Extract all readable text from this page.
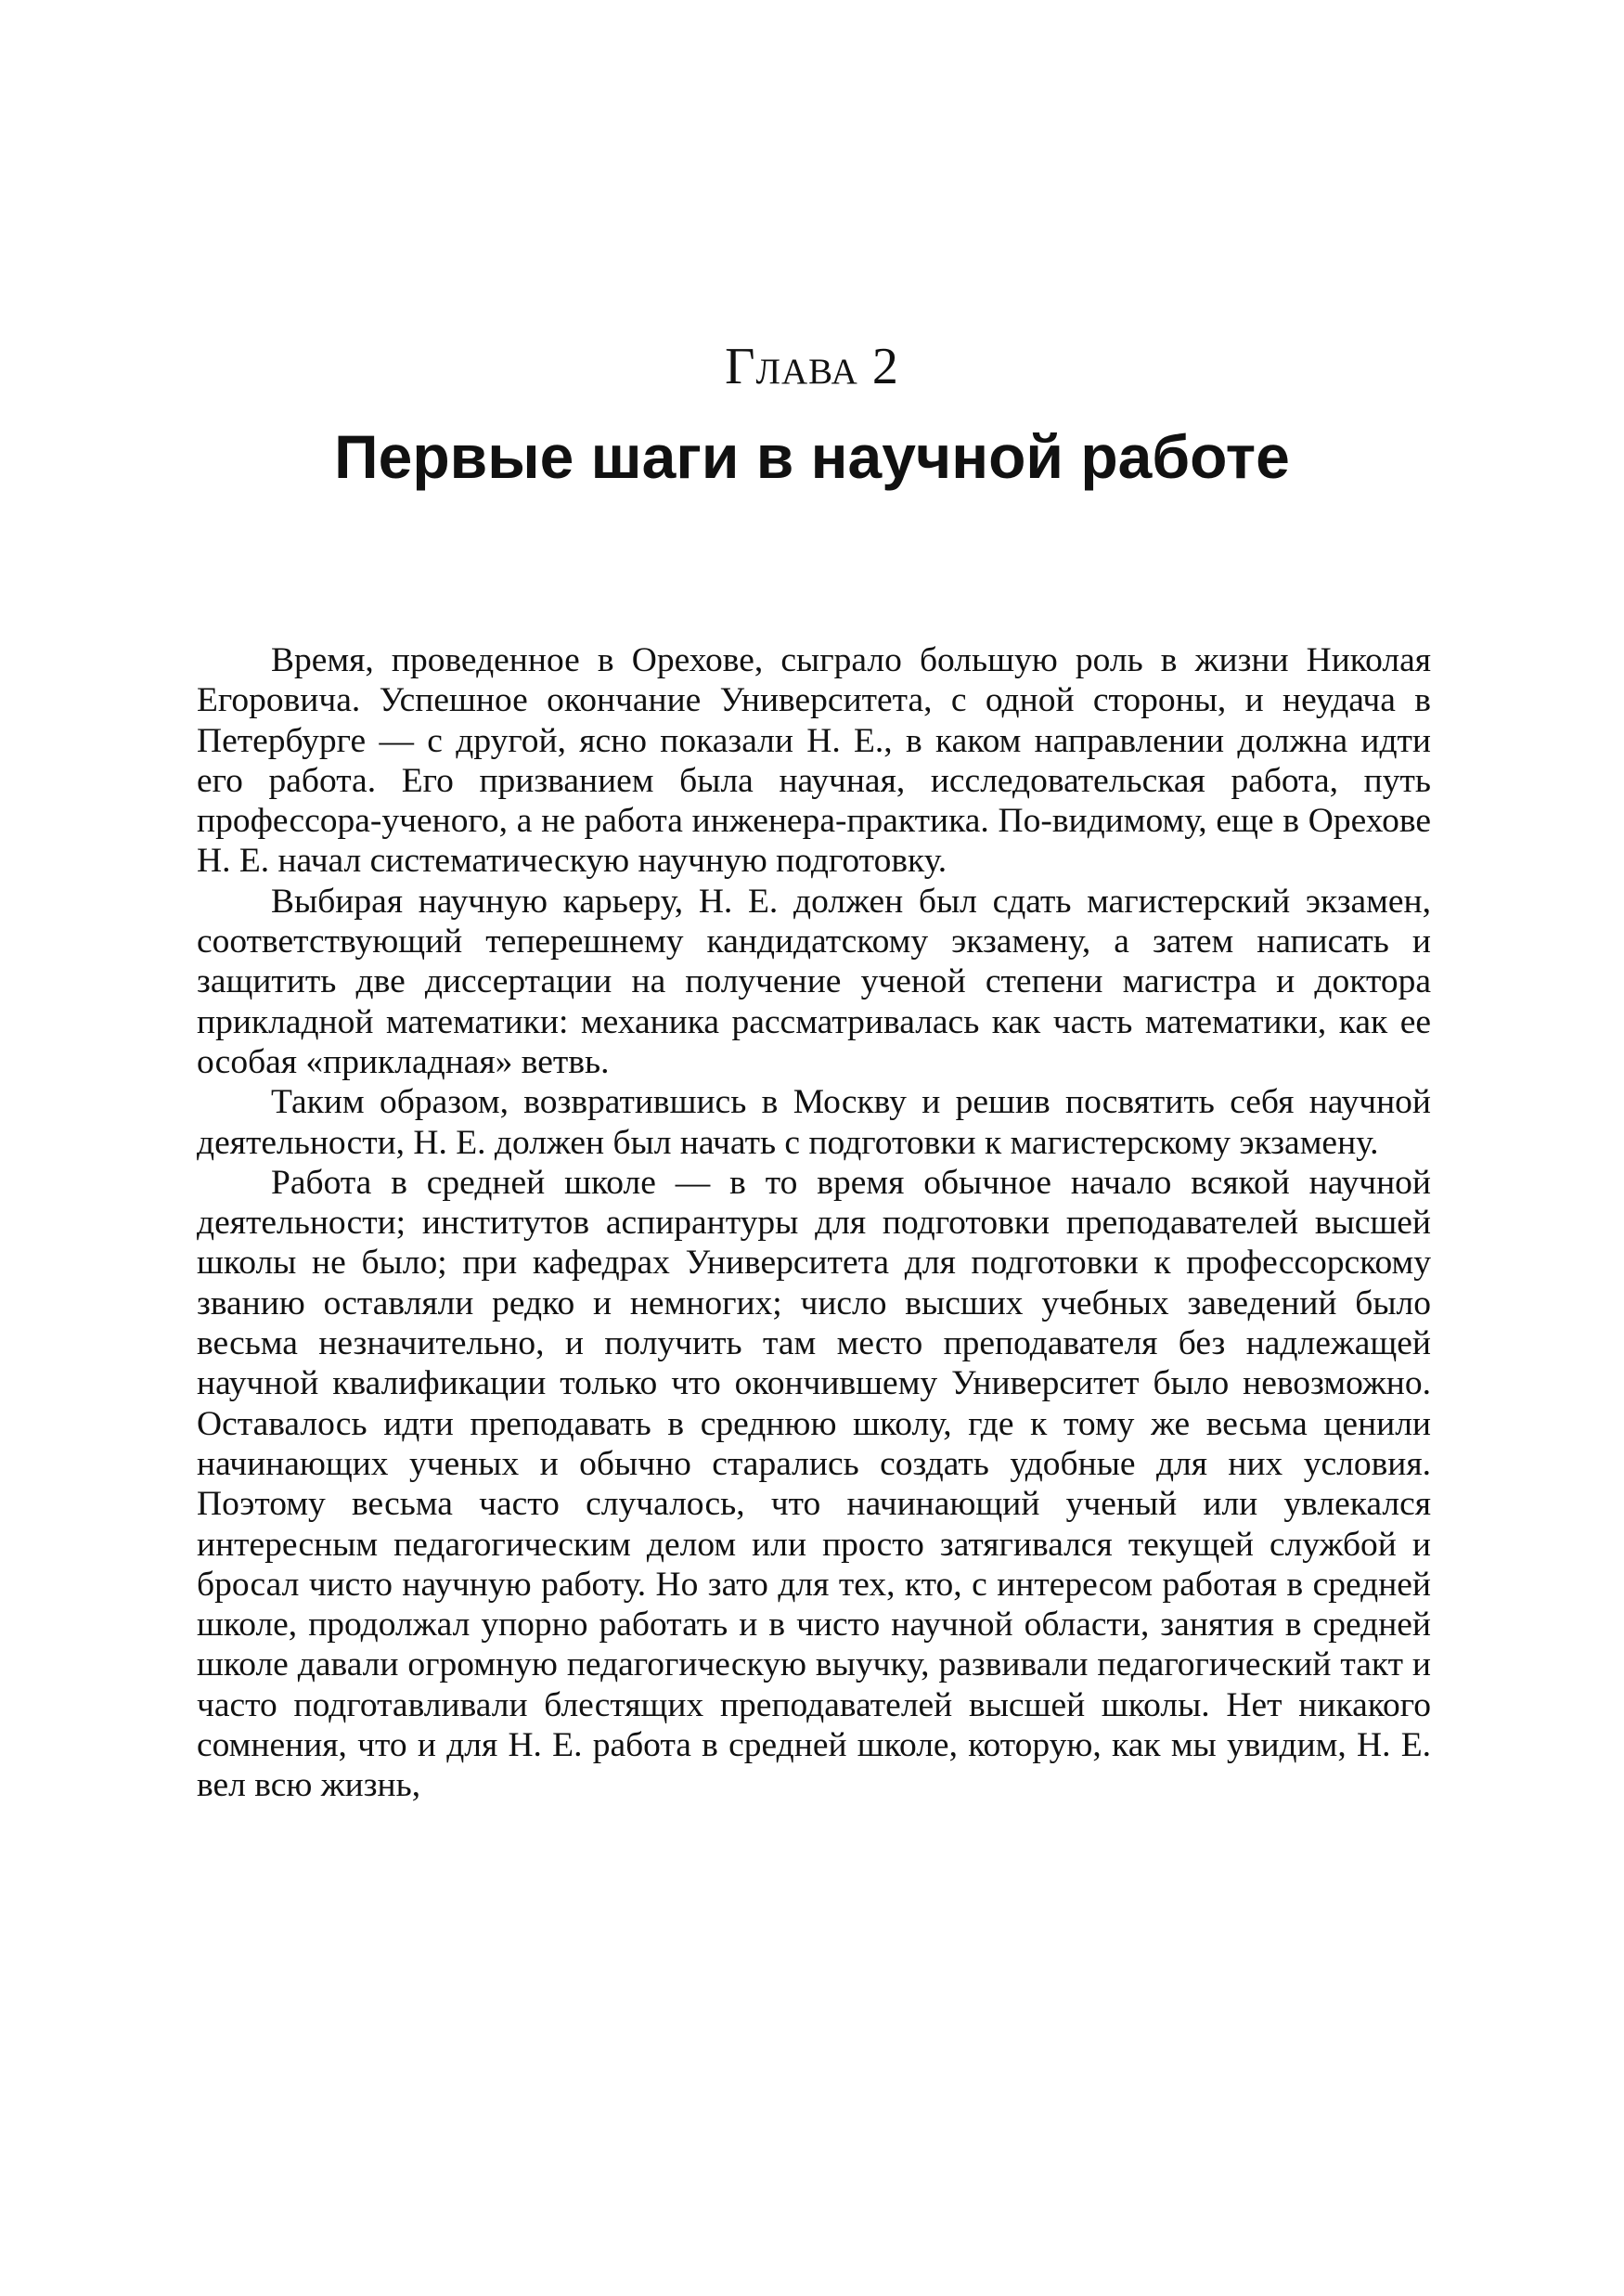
Глава 2
Первые шаги в научной работе

Время, проведенное в Орехове, сыграло большую роль в жизни Николая Егоровича. Успешное окончание Университета, с одной стороны, и неудача в Петербурге — с другой, ясно показали Н. Е., в каком направлении должна идти его работа. Его призванием была научная, исследовательская работа, путь профессора-ученого, а не работа инженера-практика. По-видимому, еще в Орехове Н. Е. начал систематическую научную подготовку.

Выбирая научную карьеру, Н. Е. должен был сдать магистерский экзамен, соответствующий теперешнему кандидатскому экзамену, а затем написать и защитить две диссертации на получение ученой степени магистра и доктора прикладной математики: механика рассматривалась как часть математики, как ее особая «прикладная» ветвь.

Таким образом, возвратившись в Москву и решив посвятить себя научной деятельности, Н. Е. должен был начать с подготовки к магистерскому экзамену.

Работа в средней школе — в то время обычное начало всякой научной деятельности; институтов аспирантуры для подготовки преподавателей высшей школы не было; при кафедрах Университета для подготовки к профессорскому званию оставляли редко и немногих; число высших учебных заведений было весьма незначительно, и получить там место преподавателя без надлежащей научной квалификации только что окончившему Университет было невозможно. Оставалось идти преподавать в среднюю школу, где к тому же весьма ценили начинающих ученых и обычно старались создать удобные для них условия. Поэтому весьма часто случалось, что начинающий ученый или увлекался интересным педагогическим делом или просто затягивался текущей службой и бросал чисто научную работу. Но зато для тех, кто, с интересом работая в средней школе, продолжал упорно работать и в чисто научной области, занятия в средней школе давали огромную педагогическую выучку, развивали педагогический такт и часто подготавливали блестящих преподавателей высшей школы. Нет никакого сомнения, что и для Н. Е. работа в средней школе, которую, как мы увидим, Н. Е. вел всю жизнь,
